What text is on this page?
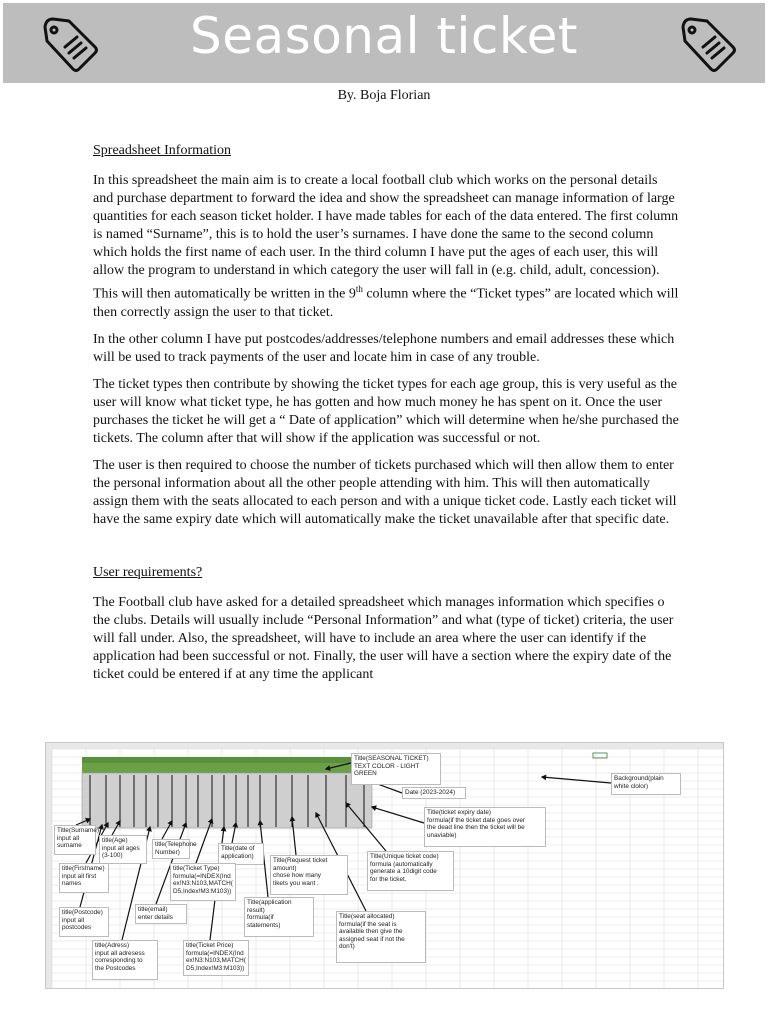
Seasonal ticket
By. Boja Florian
Spreadsheet Information

In this spreadsheet the main aim is to create a local football club which works on the personal details and purchase department to forward the idea and show the spreadsheet can manage information of large quantities for each season ticket holder. I have made tables for each of the data entered. The first column is named “Surname”, this is to hold the user’s surnames. I have done the same to the second column which holds the first name of each user. In the third column I have put the ages of each user, this will allow the program to understand in which category the user will fall in (e.g. child, adult, concession). This will then automatically be written in the 9th column where the “Ticket types” are located which will then correctly assign the user to that ticket.

In the other column I have put postcodes/addresses/telephone numbers and email addresses these which will be used to track payments of the user and locate him in case of any trouble.

The ticket types then contribute by showing the ticket types for each age group, this is very useful as the user will know what ticket type, he has gotten and how much money he has spent on it. Once the user purchases the ticket he will get a “ Date of application” which will determine when he/she purchased the tickets. The column after that will show if the application was successful or not.

The user is then required to choose the number of tickets purchased which will then allow them to enter the personal information about all the other people attending with him. This will then automatically assign them with the seats allocated to each person and with a unique ticket code. Lastly each ticket will have the same expiry date which will automatically make the ticket unavailable after that specific date.

User requirements?

The Football club have asked for a detailed spreadsheet which manages information which specifies o the clubs. Details will usually include “Personal Information” and what (type of ticket) criteria, the user will fall under. Also, the spreadsheet, will have to include an area where the user can identify if the application had been successful or not. Finally, the user will have a section where the expiry date of the ticket could be entered if at any time the applicant

Title(SEASONAL TICKET)
TEXT COLOR - LIGHT
GREEN
Date (2023-2024)
Background(plain
white clolor)
Title(ticket expiry date)
formula(if the ticket date goes over
the dead line then the ticket will be
unaviable)
Title(Surname)
input all
surname
title(Age)
input all ages
(3-100)
title(Telephone
Number)
Title(date of
application)
Title(Request ticket
amount)
chose how many
tikets you want .
Title(Unique ticket code)
formula (automatically
generate a 10digit code
for the ticket.
title(Firstname)
input all first
names
title(Ticket Type)
formula(=INDEX(Ind
ex!N3:N103,MATCH(
D5,Index!M3:M103))
title(Postcode)
input all
postcodes
title(email)
enter details
Title(application
result)
formula(if
statements)
Title(seat allocated)
formula(if the seat is
available then give the
assigned seat if not the
don't)
title(Adress)
input all adresess
corresponding to
the Postcodes
title(Ticket Price)
formula(=INDEX(Ind
ex!N3:N103,MATCH(
D5,Index!M3:M103))
